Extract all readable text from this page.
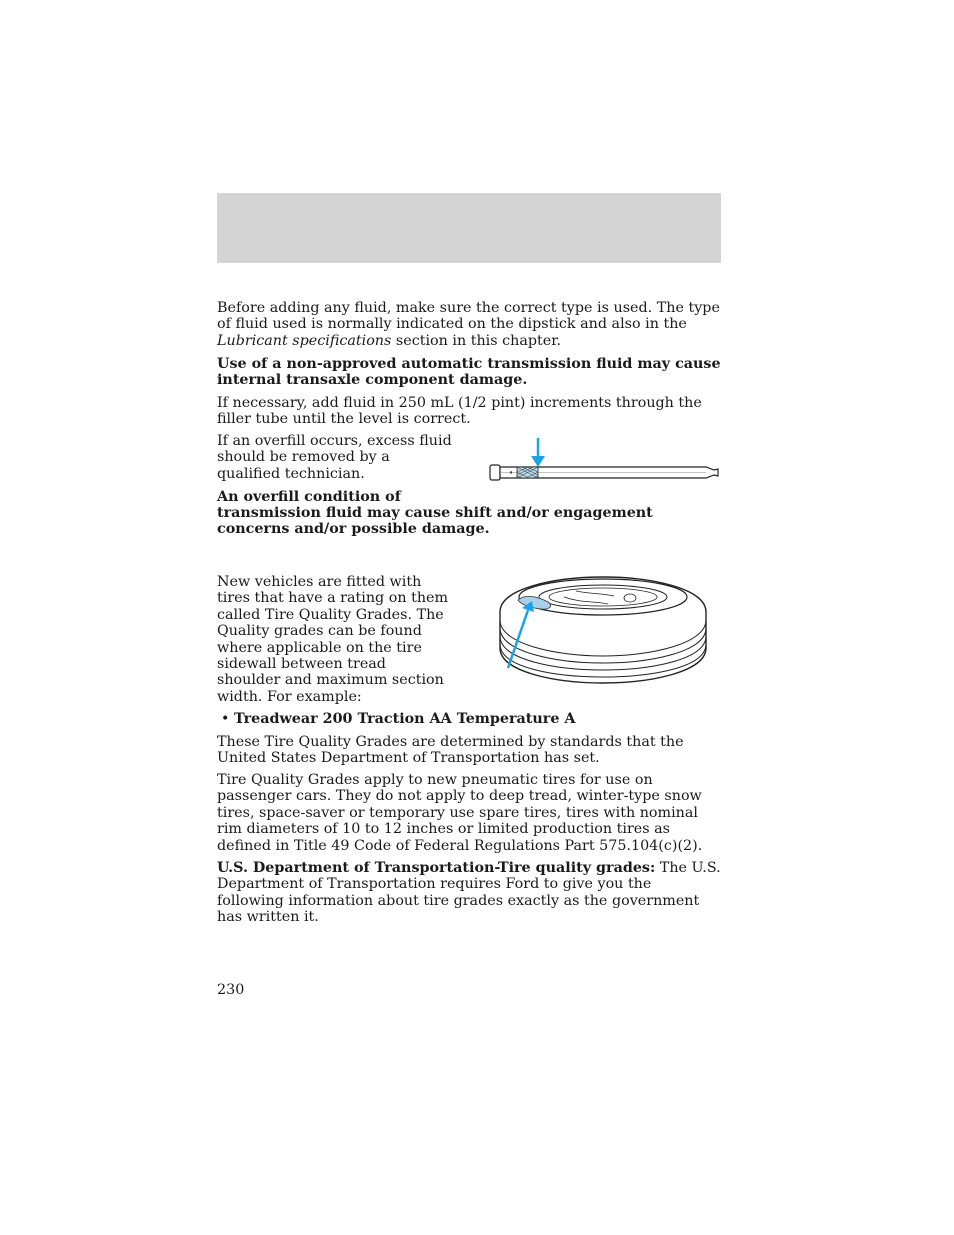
Before adding any fluid, make sure the correct type is used. The type of fluid used is normally indicated on the dipstick and also in the Lubricant specifications section in this chapter.

Use of a non-approved automatic transmission fluid may cause internal transaxle component damage.

If necessary, add fluid in 250 mL (1/2 pint) increments through the filler tube until the level is correct.

If an overfill occurs, excess fluid should be removed by a qualified technician.

An overfill condition of

transmission fluid may cause shift and/or engagement concerns and/or possible damage.

New vehicles are fitted with tires that have a rating on them called Tire Quality Grades. The Quality grades can be found where applicable on the tire sidewall between tread shoulder and maximum section width. For example:

• Treadwear 200 Traction AA Temperature A

These Tire Quality Grades are determined by standards that the United States Department of Transportation has set.

Tire Quality Grades apply to new pneumatic tires for use on passenger cars. They do not apply to deep tread, winter-type snow tires, space-saver or temporary use spare tires, tires with nominal rim diameters of 10 to 12 inches or limited production tires as defined in Title 49 Code of Federal Regulations Part 575.104(c)(2).

U.S. Department of Transportation-Tire quality grades: The U.S. Department of Transportation requires Ford to give you the following information about tire grades exactly as the government has written it.

230
